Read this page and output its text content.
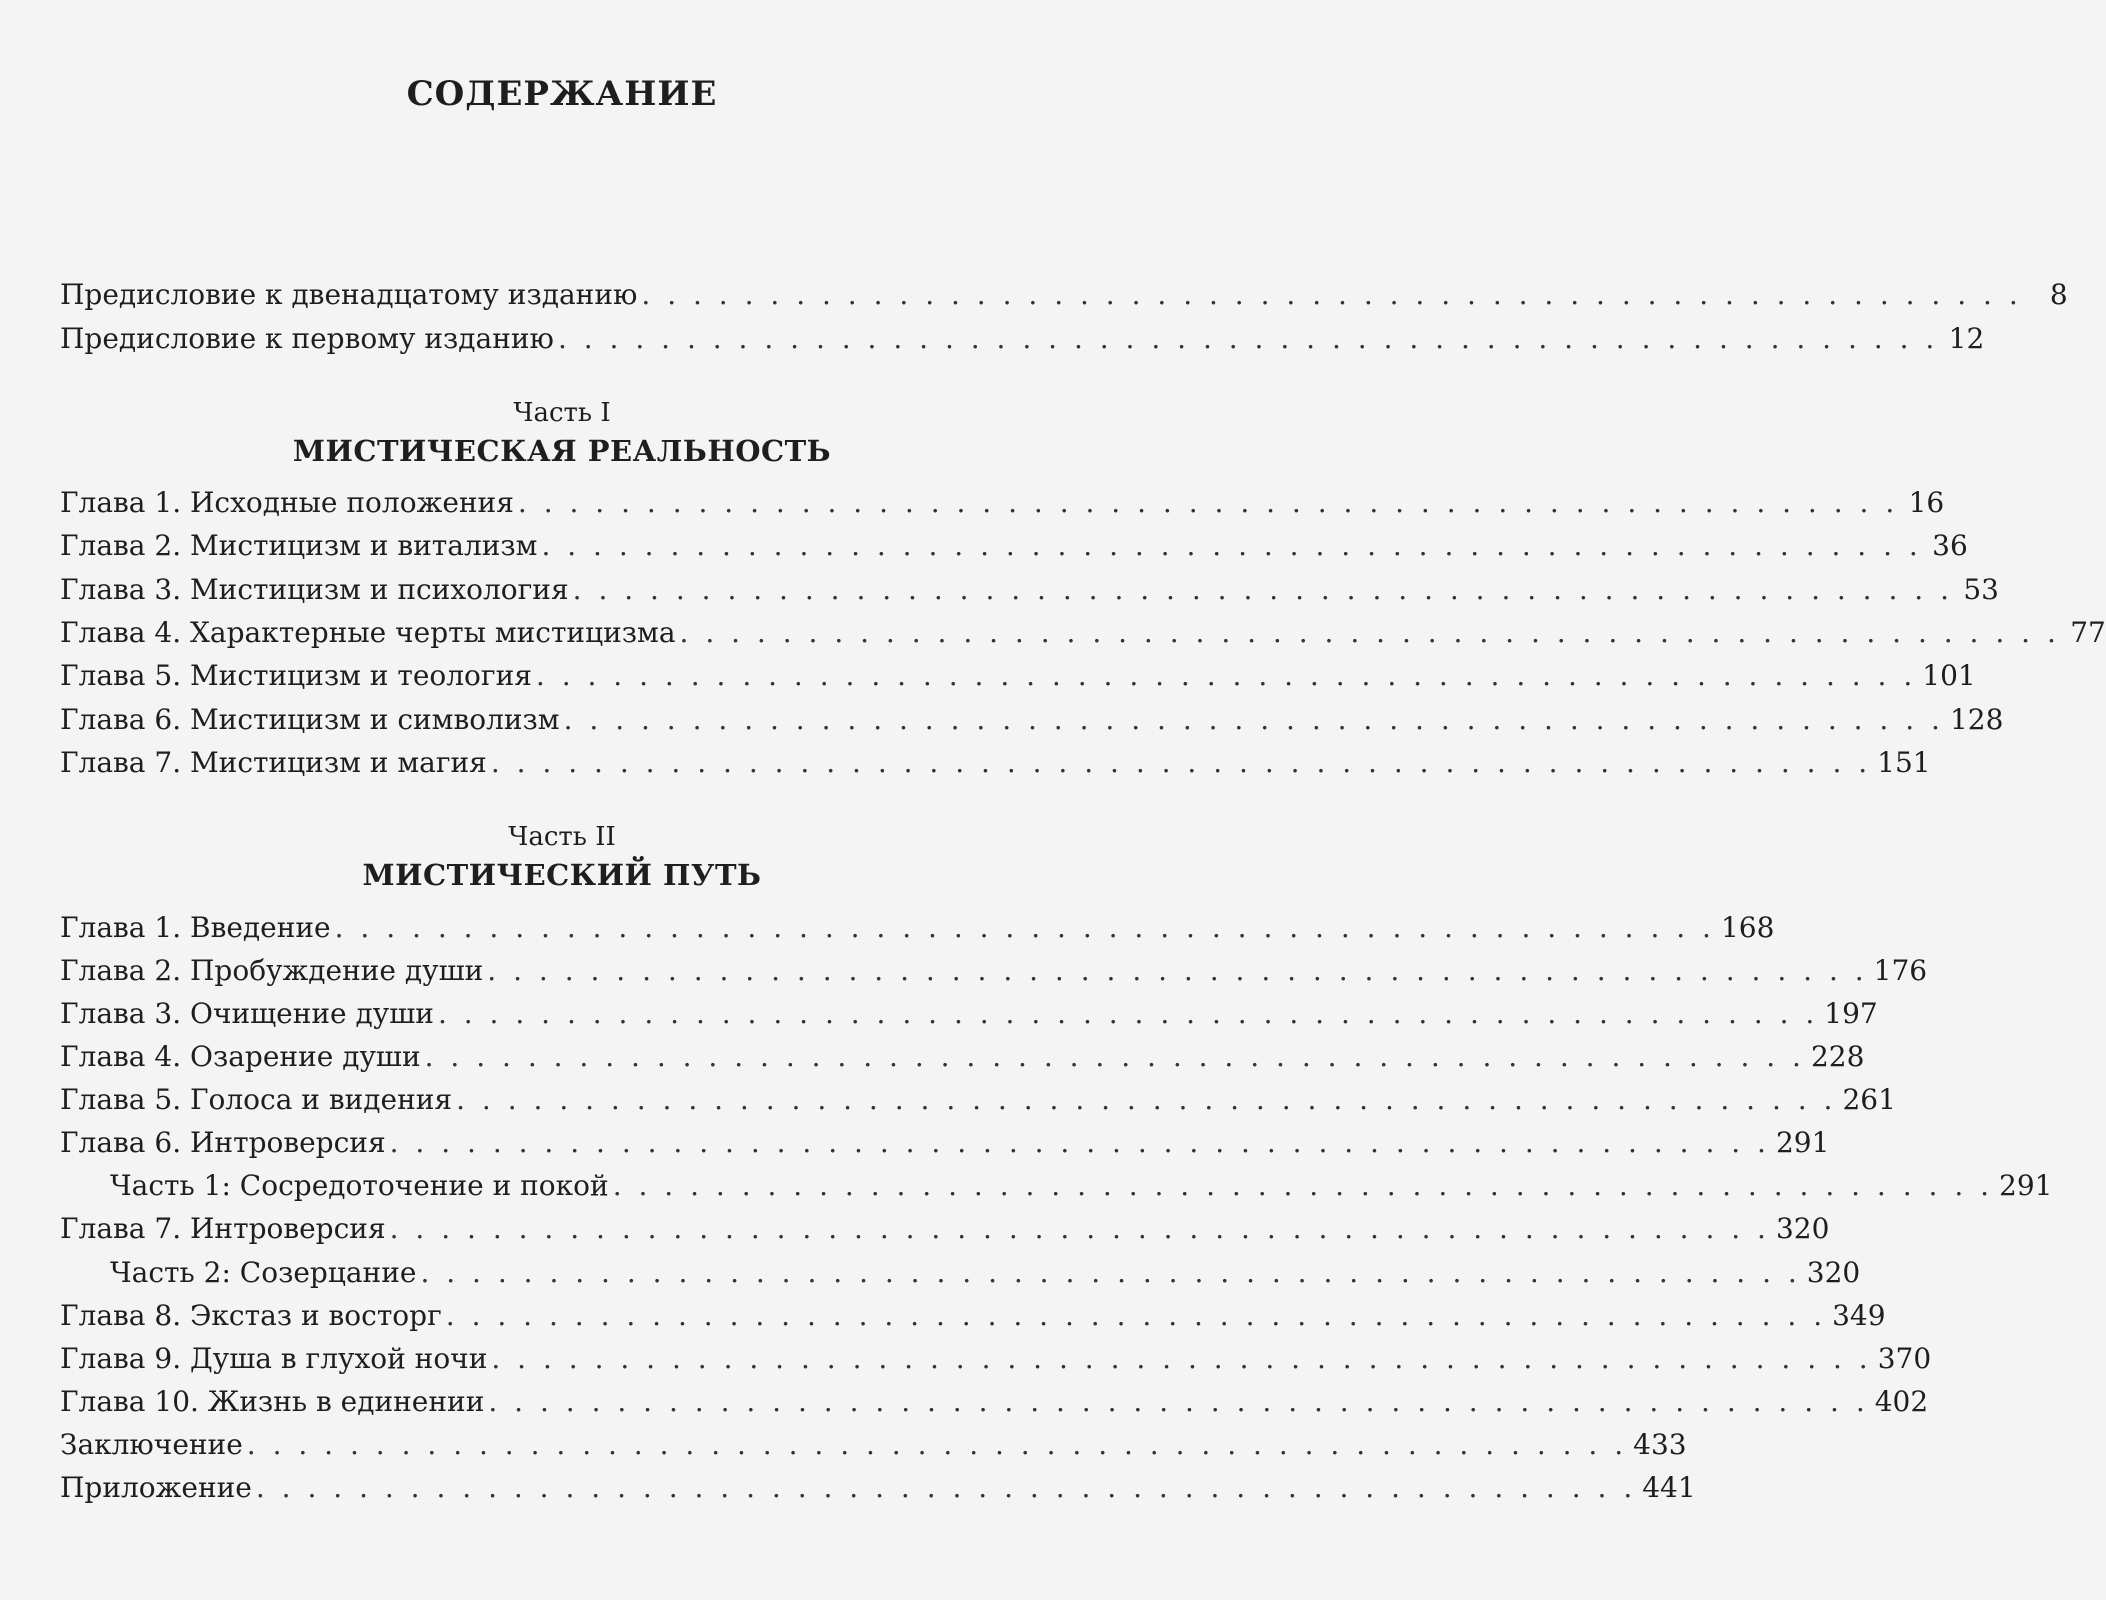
СОДЕРЖАНИЕ
Предисловие к двенадцатому изданию . . . . . . . . . . . . . . . . . . . . . . . . . . . . . . . . . . . . . . . . . . . . . . . . . . . . . .	8
Предисловие к первому изданию . . . . . . . . . . . . . . . . . . . . . . . . . . . . . . . . . . . . . . . . . . . . . . . . . . . . . . 12
Часть I
МИСТИЧЕСКАЯ РЕАЛЬНОСТЬ
Глава 1. Исходные положения . . . . . . . . . . . . . . . . . . . . . . . . . . . . . . . . . . . . . . . . . . . . . . . . . . . . . . 16
Глава 2. Мистицизм и витализм . . . . . . . . . . . . . . . . . . . . . . . . . . . . . . . . . . . . . . . . . . . . . . . . . . . . . . 36
Глава 3. Мистицизм и психология . . . . . . . . . . . . . . . . . . . . . . . . . . . . . . . . . . . . . . . . . . . . . . . . . . . . . . 53
Глава 4. Характерные черты мистицизма . . . . . . . . . . . . . . . . . . . . . . . . . . . . . . . . . . . . . . . . . . . . . . . . . . . . . . 77
Глава 5. Мистицизм и теология . . . . . . . . . . . . . . . . . . . . . . . . . . . . . . . . . . . . . . . . . . . . . . . . . . . . . . 101
Глава 6. Мистицизм и символизм . . . . . . . . . . . . . . . . . . . . . . . . . . . . . . . . . . . . . . . . . . . . . . . . . . . . . . 128
Глава 7. Мистицизм и магия . . . . . . . . . . . . . . . . . . . . . . . . . . . . . . . . . . . . . . . . . . . . . . . . . . . . . . 151
Часть II
МИСТИЧЕСКИЙ ПУТЬ
Глава 1. Введение . . . . . . . . . . . . . . . . . . . . . . . . . . . . . . . . . . . . . . . . . . . . . . . . . . . . . . 168
Глава 2. Пробуждение души . . . . . . . . . . . . . . . . . . . . . . . . . . . . . . . . . . . . . . . . . . . . . . . . . . . . . . 176
Глава 3. Очищение души . . . . . . . . . . . . . . . . . . . . . . . . . . . . . . . . . . . . . . . . . . . . . . . . . . . . . . 197
Глава 4. Озарение души . . . . . . . . . . . . . . . . . . . . . . . . . . . . . . . . . . . . . . . . . . . . . . . . . . . . . . 228
Глава 5. Голоса и видения . . . . . . . . . . . . . . . . . . . . . . . . . . . . . . . . . . . . . . . . . . . . . . . . . . . . . . 261
Глава 6. Интроверсия . . . . . . . . . . . . . . . . . . . . . . . . . . . . . . . . . . . . . . . . . . . . . . . . . . . . . . 291
Часть 1: Сосредоточение и покой . . . . . . . . . . . . . . . . . . . . . . . . . . . . . . . . . . . . . . . . . . . . . . . . . . . . . . 291
Глава 7. Интроверсия . . . . . . . . . . . . . . . . . . . . . . . . . . . . . . . . . . . . . . . . . . . . . . . . . . . . . . 320
Часть 2: Созерцание . . . . . . . . . . . . . . . . . . . . . . . . . . . . . . . . . . . . . . . . . . . . . . . . . . . . . . 320
Глава 8. Экстаз и восторг . . . . . . . . . . . . . . . . . . . . . . . . . . . . . . . . . . . . . . . . . . . . . . . . . . . . . . 349
Глава 9. Душа в глухой ночи . . . . . . . . . . . . . . . . . . . . . . . . . . . . . . . . . . . . . . . . . . . . . . . . . . . . . . 370
Глава 10. Жизнь в единении . . . . . . . . . . . . . . . . . . . . . . . . . . . . . . . . . . . . . . . . . . . . . . . . . . . . . . 402
Заключение . . . . . . . . . . . . . . . . . . . . . . . . . . . . . . . . . . . . . . . . . . . . . . . . . . . . . . 433
Приложение . . . . . . . . . . . . . . . . . . . . . . . . . . . . . . . . . . . . . . . . . . . . . . . . . . . . . . 441
